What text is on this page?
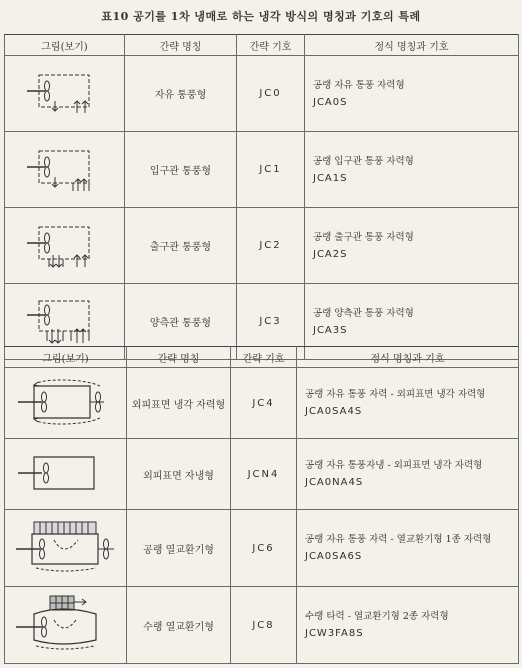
표10 공기를 1차 냉매로 하는 냉각 방식의 명칭과 기호의 특례
그림(보기)	간략 명칭	간략 기호	정식 명칭과 기호
	자유 통풍형	JC0	공랭 자유 통풍 자력형
JCA0S

	입구관 통풍형	JC1	공랭 입구관 통풍 자력형
JCA1S

	출구관 통풍형	JC2	공랭 출구관 통풍 자력형
JCA2S

	양측관 통풍형	JC3	공랭 양측관 통풍 자력형
JCA3S
그림(보기)	간략 명칭	간략 기호	정식 명칭과 기호
	외피표면 냉각 자력형	JC4	공랭 자유 통풍 자력 - 외피표면 냉각 자력형
JCA0SA4S

	외피표면 자냉형	JCN4	공랭 자유 통풍자냉 - 외피표면 냉각 자력형
JCA0NA4S

	공랭 열교환기형	JC6	공랭 자유 통풍 자력 - 열교환기형 1종 자력형
JCA0SA6S

	수랭 열교환기형	JC8	수랭 타력 - 열교환기형 2종 자력형
JCW3FA8S
